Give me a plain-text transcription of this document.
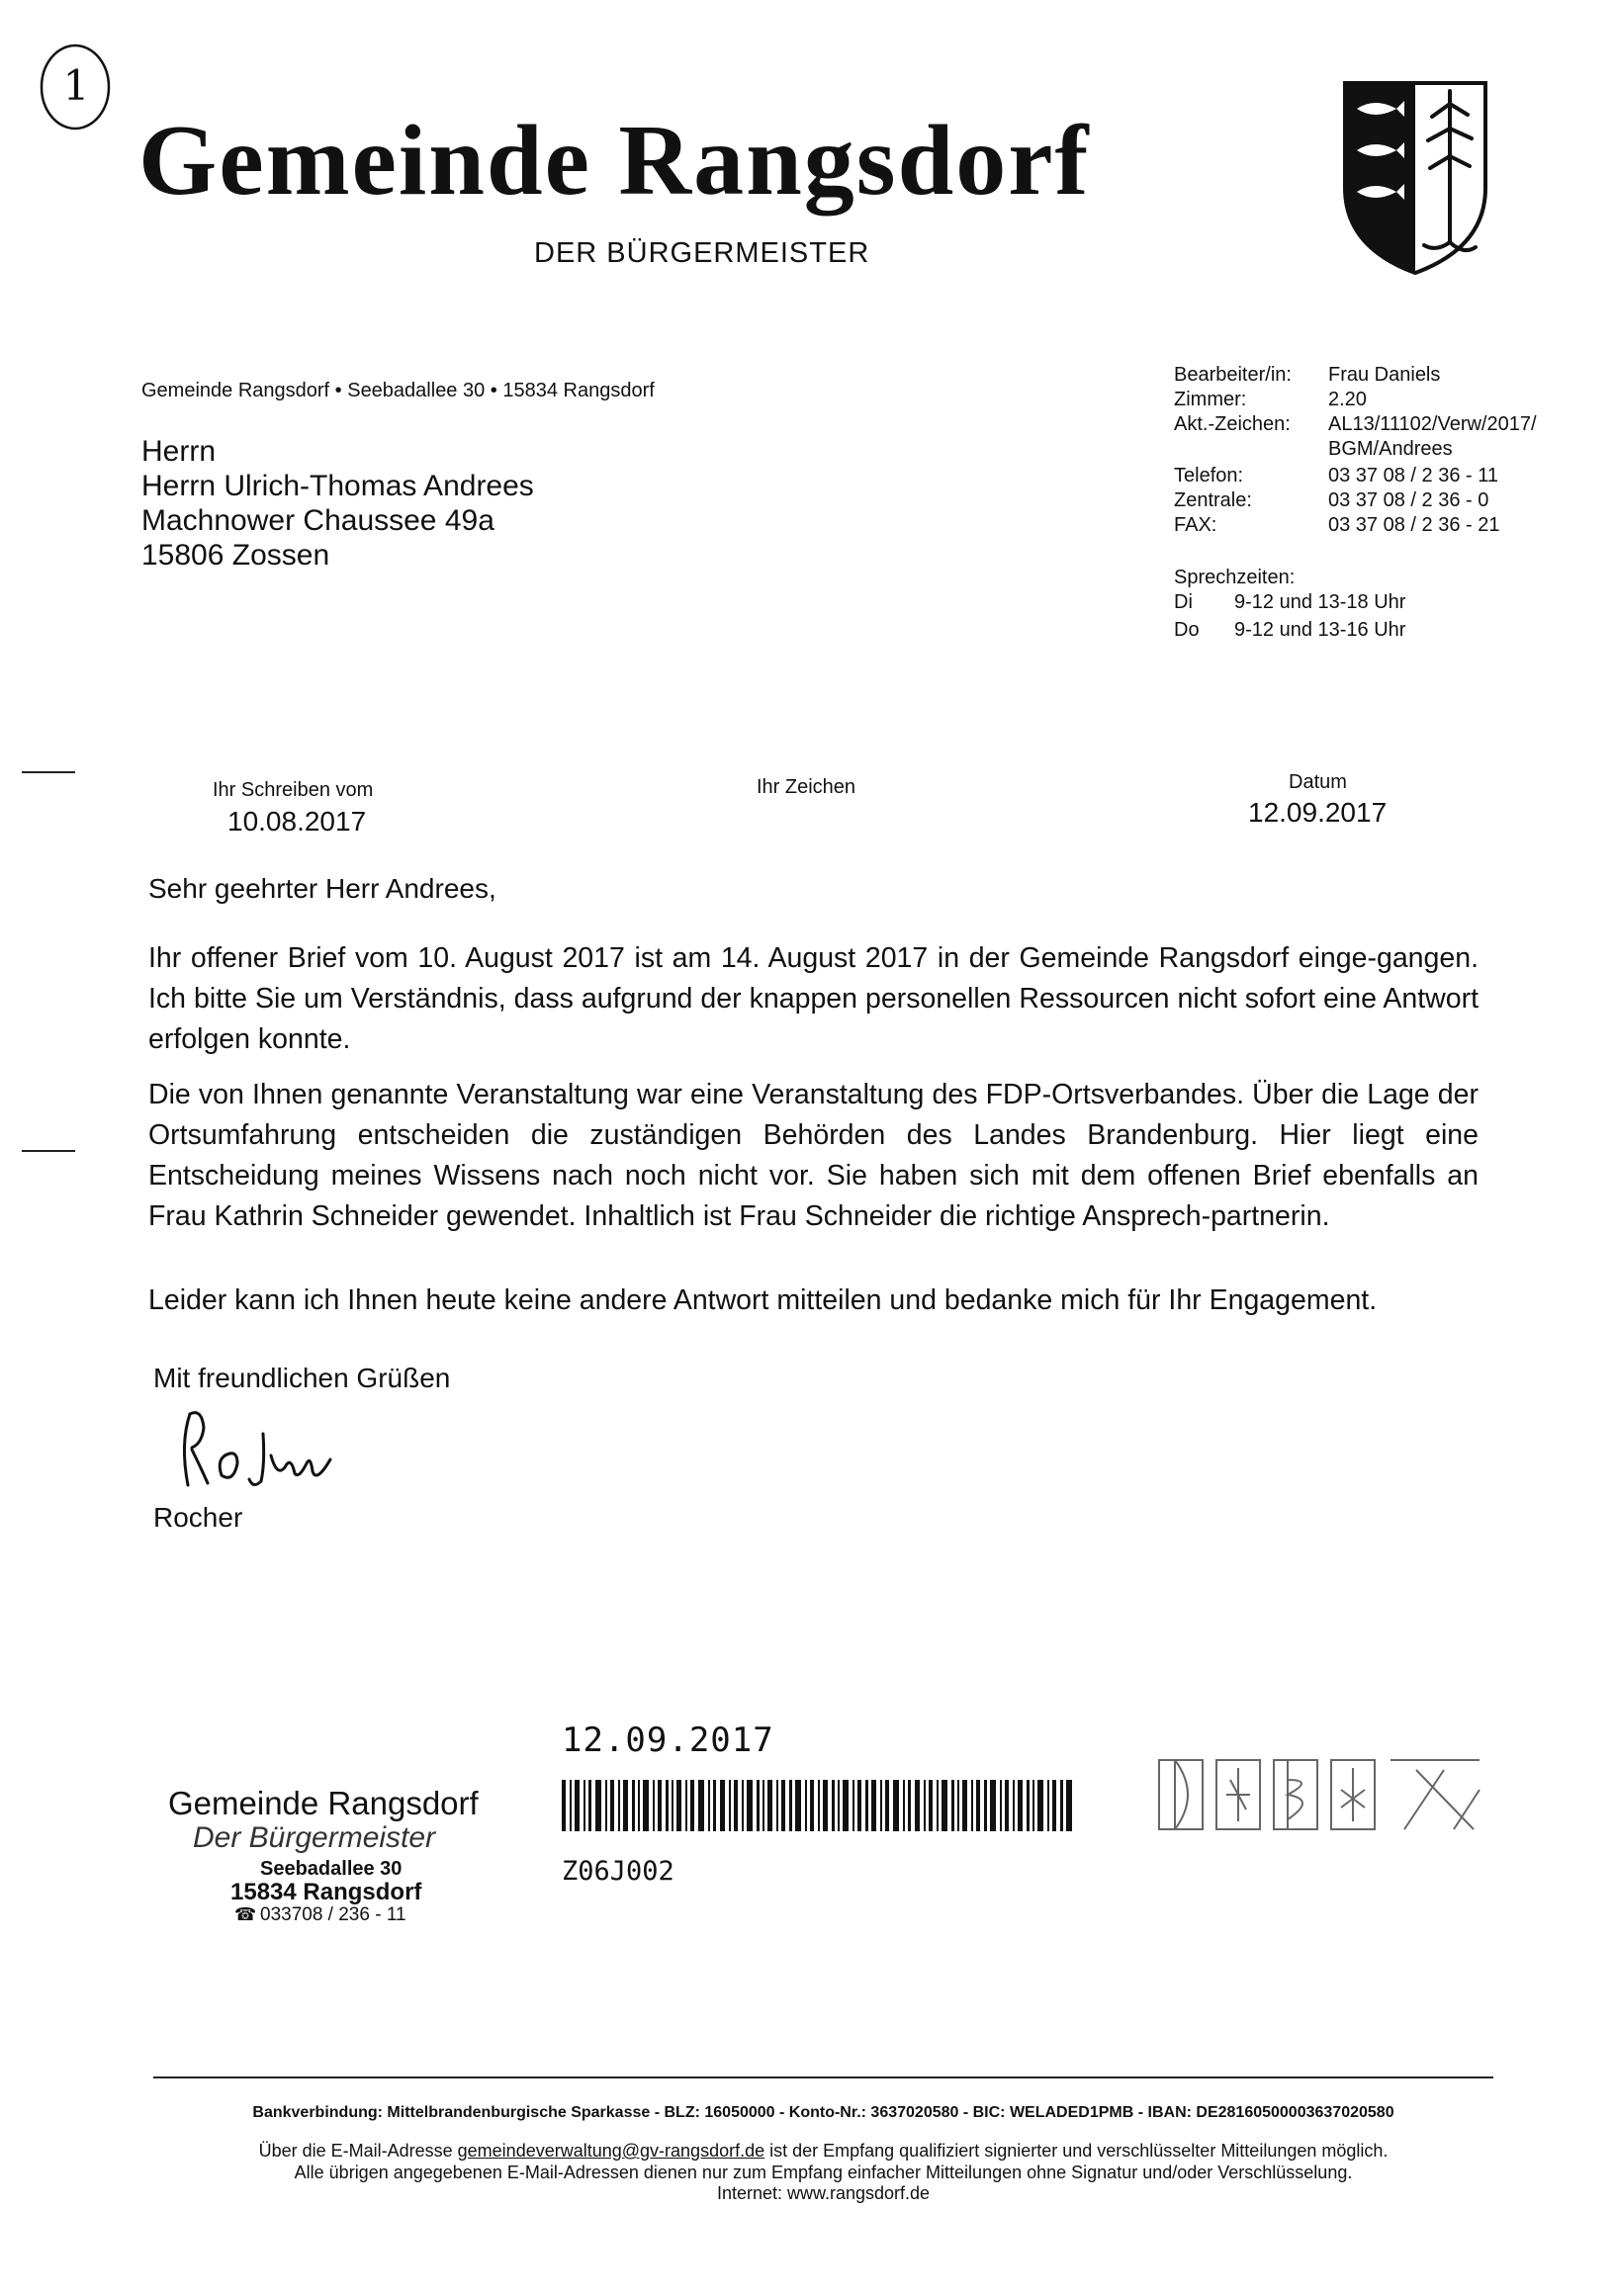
1
Gemeinde Rangsdorf
DER BÜRGERMEISTER
Gemeinde Rangsdorf • Seebadallee 30 • 15834 Rangsdorf
Herrn
Herrn Ulrich-Thomas Andrees
Machnower Chaussee 49a
15806 Zossen
Bearbeiter/in: Frau Daniels
Zimmer:	2.20
Akt.-Zeichen: AL13/11102/Verw/2017/
BGM/Andrees
Telefon:	03 37 08 / 2 36 - 11
Zentrale:	03 37 08 / 2 36 - 0
FAX:	03 37 08 / 2 36 - 21
Sprechzeiten:
Di 9-12 und 13-18 Uhr
Do 9-12 und 13-16 Uhr
Ihr Schreiben vom
10.08.2017
Ihr Zeichen	Datum
12.09.2017
Sehr geehrter Herr Andrees,
Ihr offener Brief vom 10. August 2017 ist am 14. August 2017 in der Gemeinde Rangsdorf einge-gangen. Ich bitte Sie um Verständnis, dass aufgrund der knappen personellen Ressourcen nicht sofort eine Antwort erfolgen konnte.
Die von Ihnen genannte Veranstaltung war eine Veranstaltung des FDP-Ortsverbandes. Über die Lage der Ortsumfahrung entscheiden die zuständigen Behörden des Landes Brandenburg. Hier liegt eine Entscheidung meines Wissens nach noch nicht vor. Sie haben sich mit dem offenen Brief ebenfalls an Frau Kathrin Schneider gewendet. Inhaltlich ist Frau Schneider die richtige Ansprech-partnerin.
Leider kann ich Ihnen heute keine andere Antwort mitteilen und bedanke mich für Ihr Engagement.
Mit freundlichen Grüßen
Rocher
12.09.2017
Z06J002
Gemeinde Rangsdorf
Der Bürgermeister
Seebadallee 30
15834 Rangsdorf
☎ 033708 / 236 - 11
Bankverbindung: Mittelbrandenburgische Sparkasse - BLZ: 16050000 - Konto-Nr.: 3637020580 - BIC: WELADED1PMB - IBAN: DE28160500003637020580
Über die E-Mail-Adresse gemeindeverwaltung@gv-rangsdorf.de ist der Empfang qualifiziert signierter und verschlüsselter Mitteilungen möglich.
Alle übrigen angegebenen E-Mail-Adressen dienen nur zum Empfang einfacher Mitteilungen ohne Signatur und/oder Verschlüsselung.
Internet: www.rangsdorf.de
